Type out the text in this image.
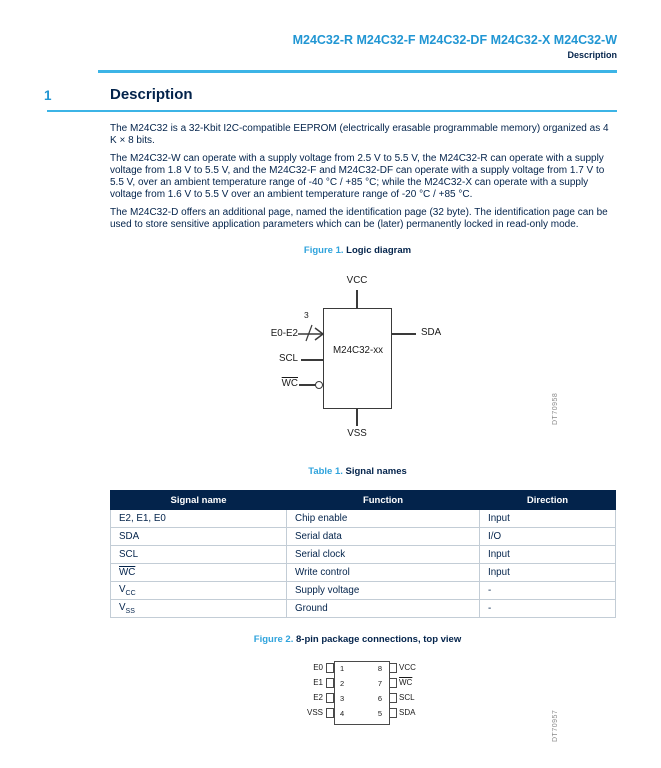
M24C32-R M24C32-F M24C32-DF M24C32-X M24C32-W
Description
1	Description

The M24C32 is a 32-Kbit I2C-compatible EEPROM (electrically erasable programmable memory) organized as 4 K × 8 bits.

The M24C32-W can operate with a supply voltage from 2.5 V to 5.5 V, the M24C32-R can operate with a supply voltage from 1.8 V to 5.5 V, and the M24C32-F and M24C32-DF can operate with a supply voltage from 1.7 V to 5.5 V, over an ambient temperature range of -40 °C / +85 °C; while the M24C32-X can operate with a supply voltage from 1.6 V to 5.5 V over an ambient temperature range of -20 °C / +85 °C.

The M24C32-D offers an additional page, named the identification page (32 byte). The identification page can be used to store sensitive application parameters which can be (later) permanently locked in read-only mode.

Figure 1. Logic diagram
VCC
M24C32-xx
SDA
E0-E2
3
SCL
$\overline{WC}$
VSS
DT70958
Table 1. Signal names
Signal name	Function	Direction
E2, E1, E0	Chip enable	Input
SDA	Serial data	I/O
SCL	Serial clock	Input
$\overline{WC}$	Write control	Input
$V_{CC}$	Supply voltage	-
$V_{SS}$	Ground	-
Figure 2. 8-pin package connections, top view
E0 1
E1 2
E2 3
VSS 4
8 VCC
7 $\overline{WC}$
6 SCL
5 SDA	DT70957
